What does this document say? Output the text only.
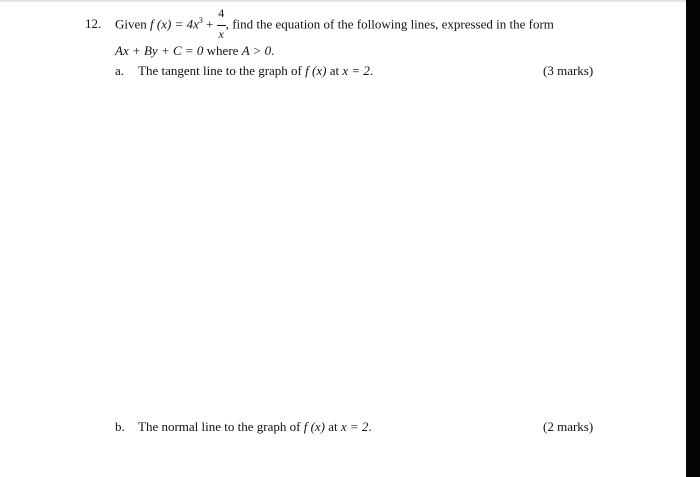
12. Given f $(x) = 4x^3 + \frac{4}{x}$ , find the equation of the following lines, expressed in the form
Ax + By + C = 0 where A > 0.
a. The tangent line to the graph of f (x) at x = 2.	(3 marks)
b. The normal line to the graph of f (x) at x = 2.	(2 marks)
